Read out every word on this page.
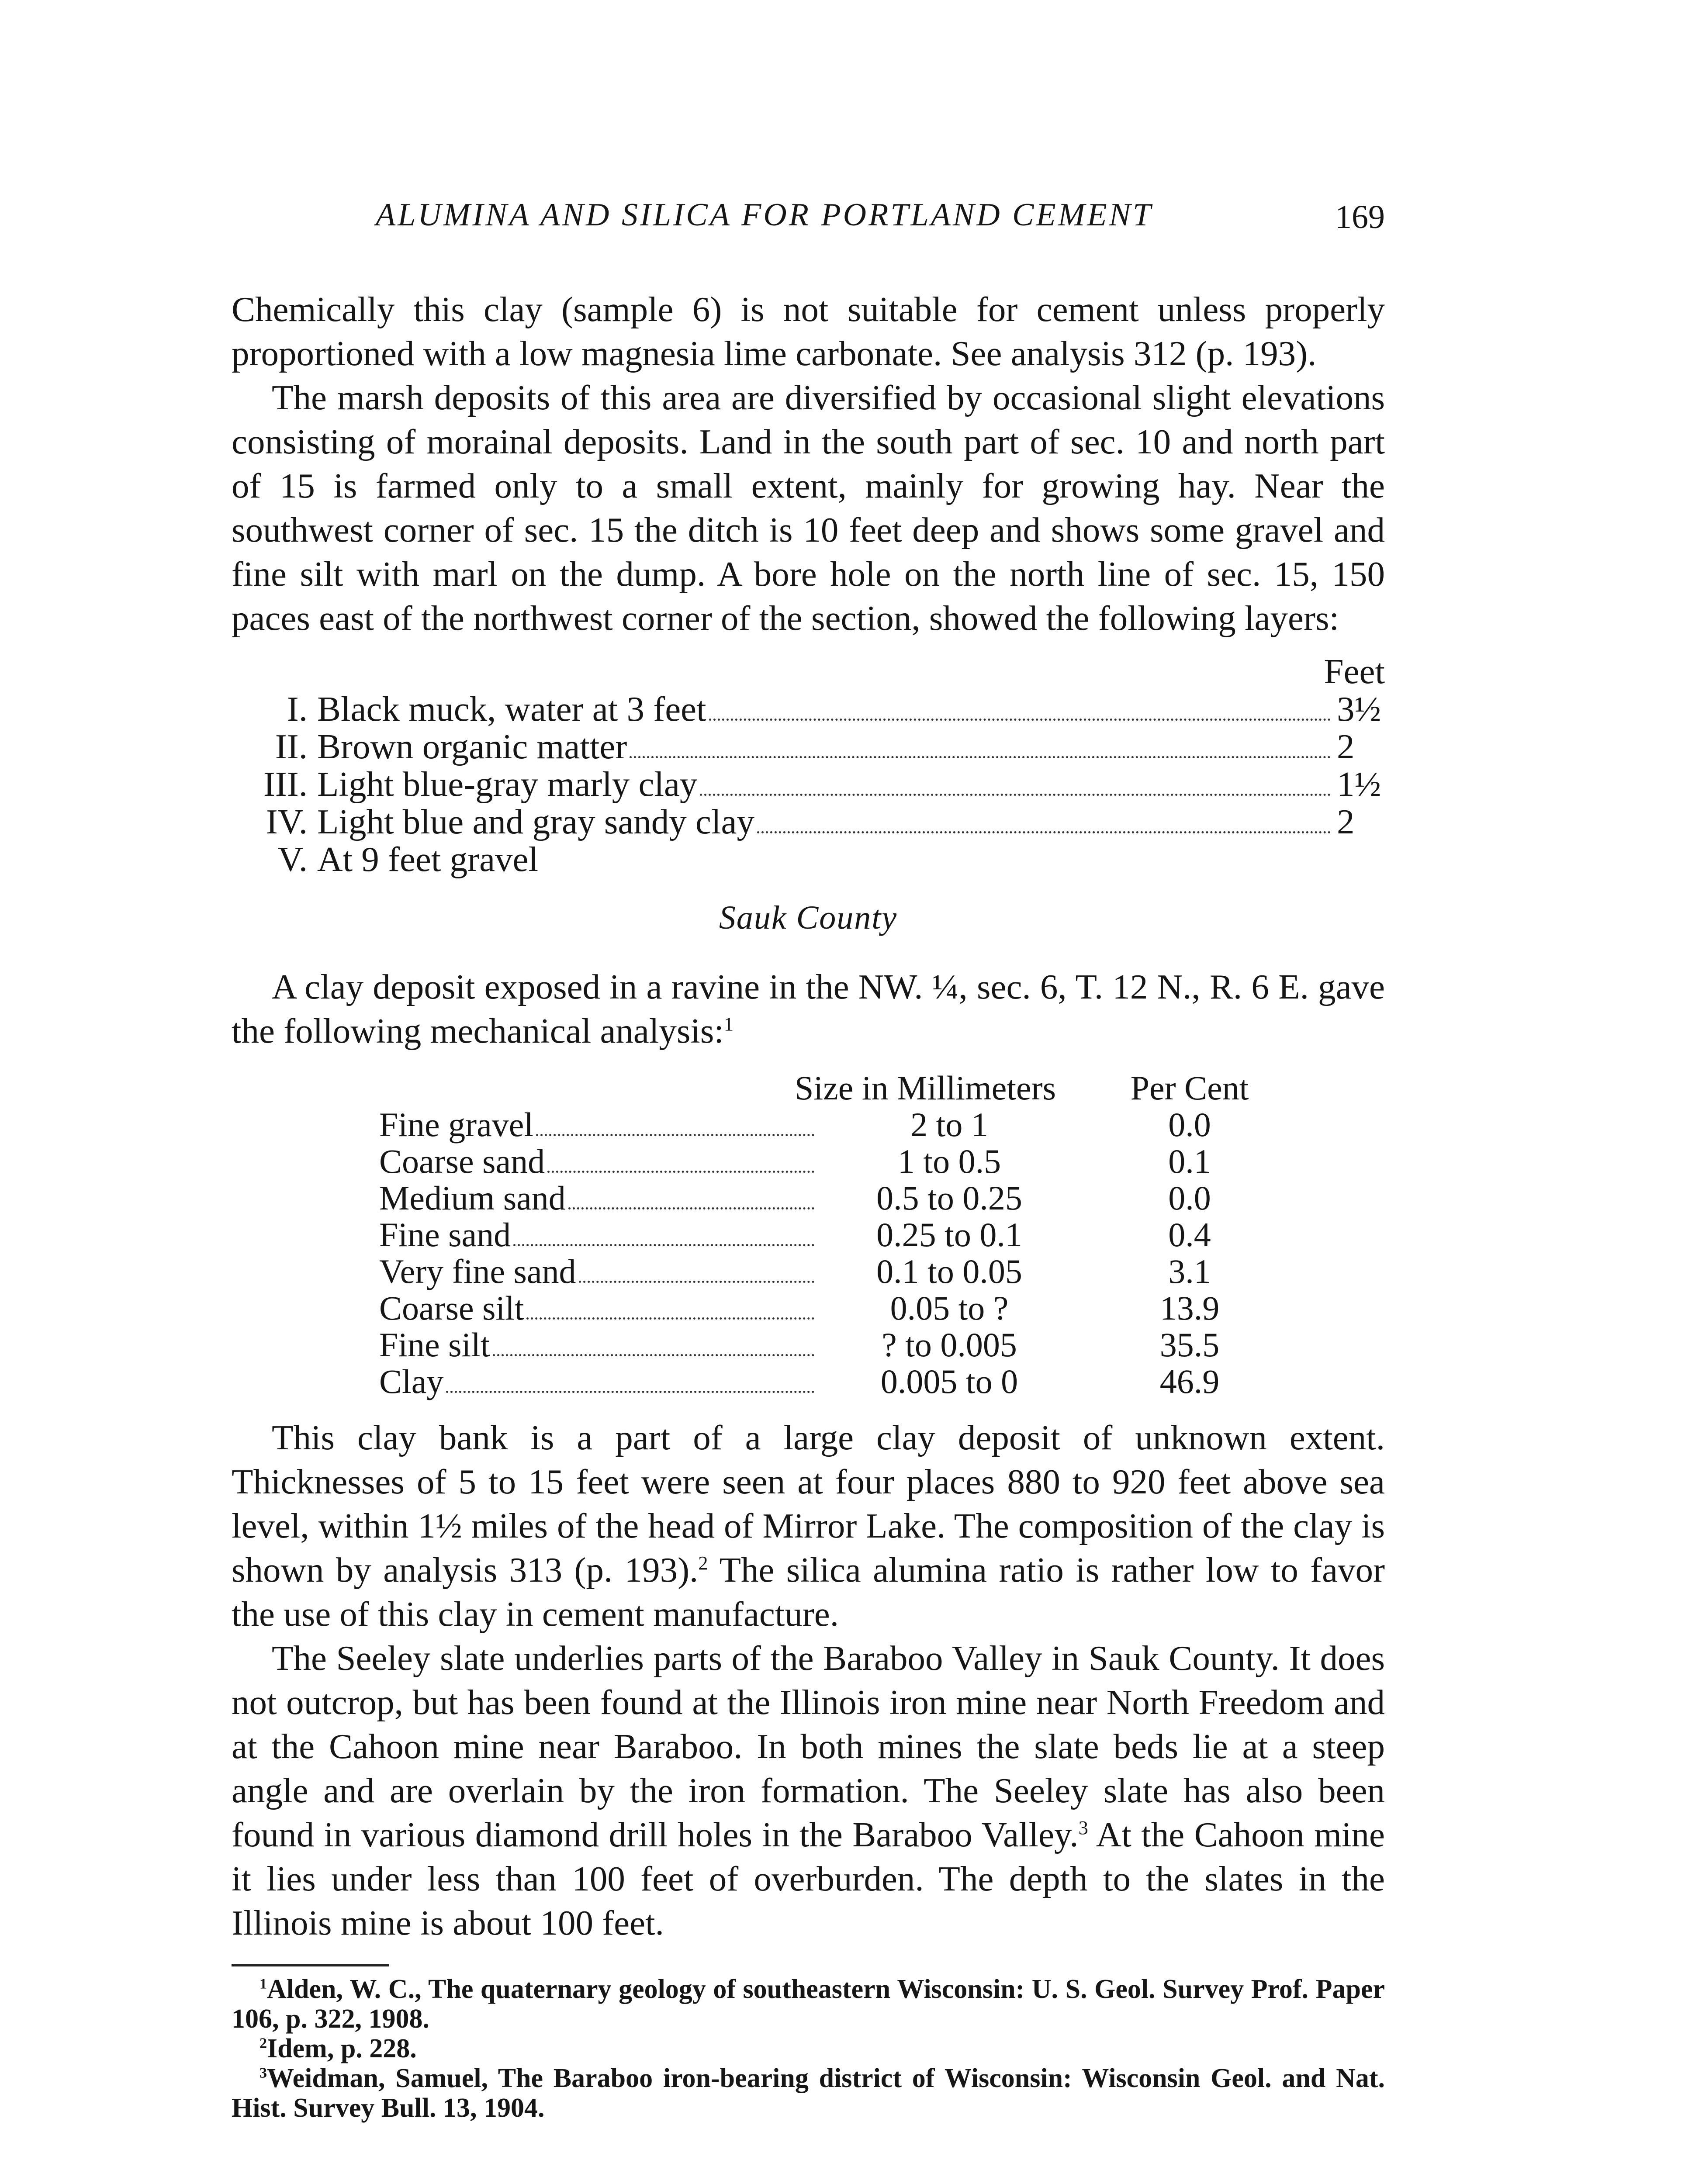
ALUMINA AND SILICA FOR PORTLAND CEMENT	169

Chemically this clay (sample 6) is not suitable for cement unless properly proportioned with a low magnesia lime carbonate. See analysis 312 (p. 193).

The marsh deposits of this area are diversified by occasional slight elevations consisting of morainal deposits. Land in the south part of sec. 10 and north part of 15 is farmed only to a small extent, mainly for growing hay. Near the southwest corner of sec. 15 the ditch is 10 feet deep and shows some gravel and fine silt with marl on the dump. A bore hole on the north line of sec. 15, 150 paces east of the northwest corner of the section, showed the following layers:

Feet
I. Black muck, water at 3 feet	3½
II. Brown organic matter	2
III. Light blue-gray marly clay	1½
IV. Light blue and gray sandy clay	2
V. At 9 feet gravel
Sauk County

A clay deposit exposed in a ravine in the NW. ¼, sec. 6, T. 12 N., R. 6 E. gave the following mechanical analysis:$^1$

Size in Millimeters	Per Cent
Fine gravel	2 to 1	0.0
Coarse sand	1 to 0.5	0.1
Medium sand	0.5 to 0.25	0.0
Fine sand	0.25 to 0.1	0.4
Very fine sand	0.1 to 0.05	3.1
Coarse silt	0.05 to ?	13.9
Fine silt	? to 0.005	35.5
Clay	0.005 to 0	46.9

This clay bank is a part of a large clay deposit of unknown extent. Thicknesses of 5 to 15 feet were seen at four places 880 to 920 feet above sea level, within 1½ miles of the head of Mirror Lake. The composition of the clay is shown by analysis 313 (p. 193).$^2$ The silica alumina ratio is rather low to favor the use of this clay in cement manufacture.

The Seeley slate underlies parts of the Baraboo Valley in Sauk County. It does not outcrop, but has been found at the Illinois iron mine near North Freedom and at the Cahoon mine near Baraboo. In both mines the slate beds lie at a steep angle and are overlain by the iron formation. The Seeley slate has also been found in various diamond drill holes in the Baraboo Valley.$^3$ At the Cahoon mine it lies under less than 100 feet of overburden. The depth to the slates in the Illinois mine is about 100 feet.

$^1$Alden, W. C., The quaternary geology of southeastern Wisconsin: U. S. Geol. Survey Prof. Paper 106, p. 322, 1908.

$^2$Idem, p. 228.

$^3$Weidman, Samuel, The Baraboo iron-bearing district of Wisconsin: Wisconsin Geol. and Nat. Hist. Survey Bull. 13, 1904.
